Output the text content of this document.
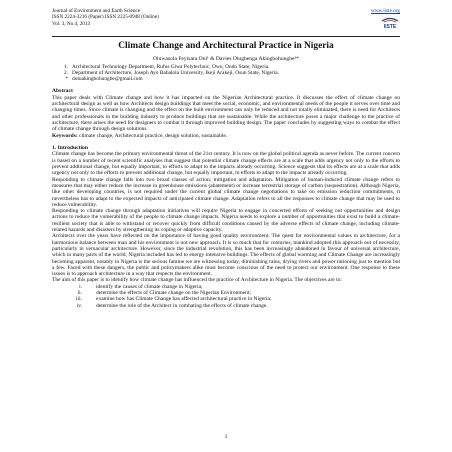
Journal of Environment and Earth Science
ISSN 2224-3216 (Paper) ISSN 2225-0948 (Online)
Vol. 3, No.4, 2013
www.iiste.org
IISTE
Climate Change and Architectural Practice in Nigeria
Oluwasola Feyisara Oni¹ & Davies Olugbenga Akingbohungbe²*
1. Architectural Technology Department, Rufus Giwa Polytechnic, Owo, Ondo State, Nigeria.
2. Department of Architecture, Joseph Ayo Babalola University, Ikeji Arakeji, Osun State, Nigeria.
* doluakingbohungbe@gmail.com
Abstract

This paper deals with Climate change and how it has impacted on the Nigerian Architectural practice. It discusses the effect of climate change on architectural design as well as how Architects design buildings that meet the social, economic, and environmental needs of the people it serves over time and changing times. Since climate is changing and the effect on the built environment can only be reduced and not totally eliminated, there is need for Architects and other professionals in the building industry to produce buildings that are sustainable. While the architecture poses a major challenge to the practice of architecture, there arises the need for designers to combat it through improved building design. The paper concludes by suggesting ways to combat the effect of climate change through design solutions.

Keywords: climate change, Architectural practice, design solution, sustainable.

1. Introduction

Climate change has become the primary environmental threat of the 21st century. It is now on the global political agenda as never before. The current concern is based on a number of recent scientific analyses that suggest that potential climate change effects are at a scale that adds urgency not only to the efforts to prevent additional change, but equally important, to efforts to adapt to the impacts already occurring. Science suggests that its effects are at a scale that adds urgency not only to the efforts to prevent additional change, but equally important, to efforts to adapt to the impacts already occurring.

Responding to climate change falls into two broad classes of action; mitigation and adaptation. Mitigation of human-induced climate change refers to measures that may either reduce the increase in greenhouse emissions (abatement) or increase terrestrial storage of carbon (sequestration). Although Nigeria, like other developing countries, is not required under the current global climate change negotiations to take on emission reduction commitments, it nevertheless has to adapt to the expected impacts of anticipated climate change. Adaptation refers to all the responses to climate change that may be used to reduce vulnerability.

Responding to climate change through adaptation initiatives will require Nigeria to engage in concerted efforts of seeking out opportunities and design actions to reduce the vulnerability of the people to climate change impacts. Nigeria needs to explore a number of opportunities that exist to build a climate-resilient society that is able to withstand or recover quickly from difficult conditions caused by the adverse effects of climate change, including climate-related hazards and disasters by strengthening its coping or adaptive capacity.

Architects over the years have reflected on the importance of having good quality environment. The quest for environmental values in architecture, for a harmonious balance between man and his environment is not new approach. It is so much that for centuries, mankind adopted this approach out of necessity, particularly in vernacular architecture. However, since the industrial revolution, this has been increasingly abandoned in favour of universal architecture, which in many parts of the world, Nigeria included has led to energy intensive buildings. The effects of global warming and Climate Change are increasingly becoming apparent, notably in Nigeria is the serious famine we are witnessing today, diminishing rains, drying rivers and power rationing just to mention but a few. Faced with these dangers, the public and policymakers alike must become conscious of the need to protect our environment. One response to these issues is to approach architecture in a way that respects the environment.

The aim of this paper is to identify how climate change has influenced the practice of Architecture in Nigeria. The objectives are to:

i.	identify the causes of climate change in Nigeria;
ii.	determine the effects of Climate change on the Nigerian Environment;
iii.	examine how has Climate Change has affected architectural practice in Nigeria;
iv.	determine the role of the Architect in combating the effects of climate change.
1
